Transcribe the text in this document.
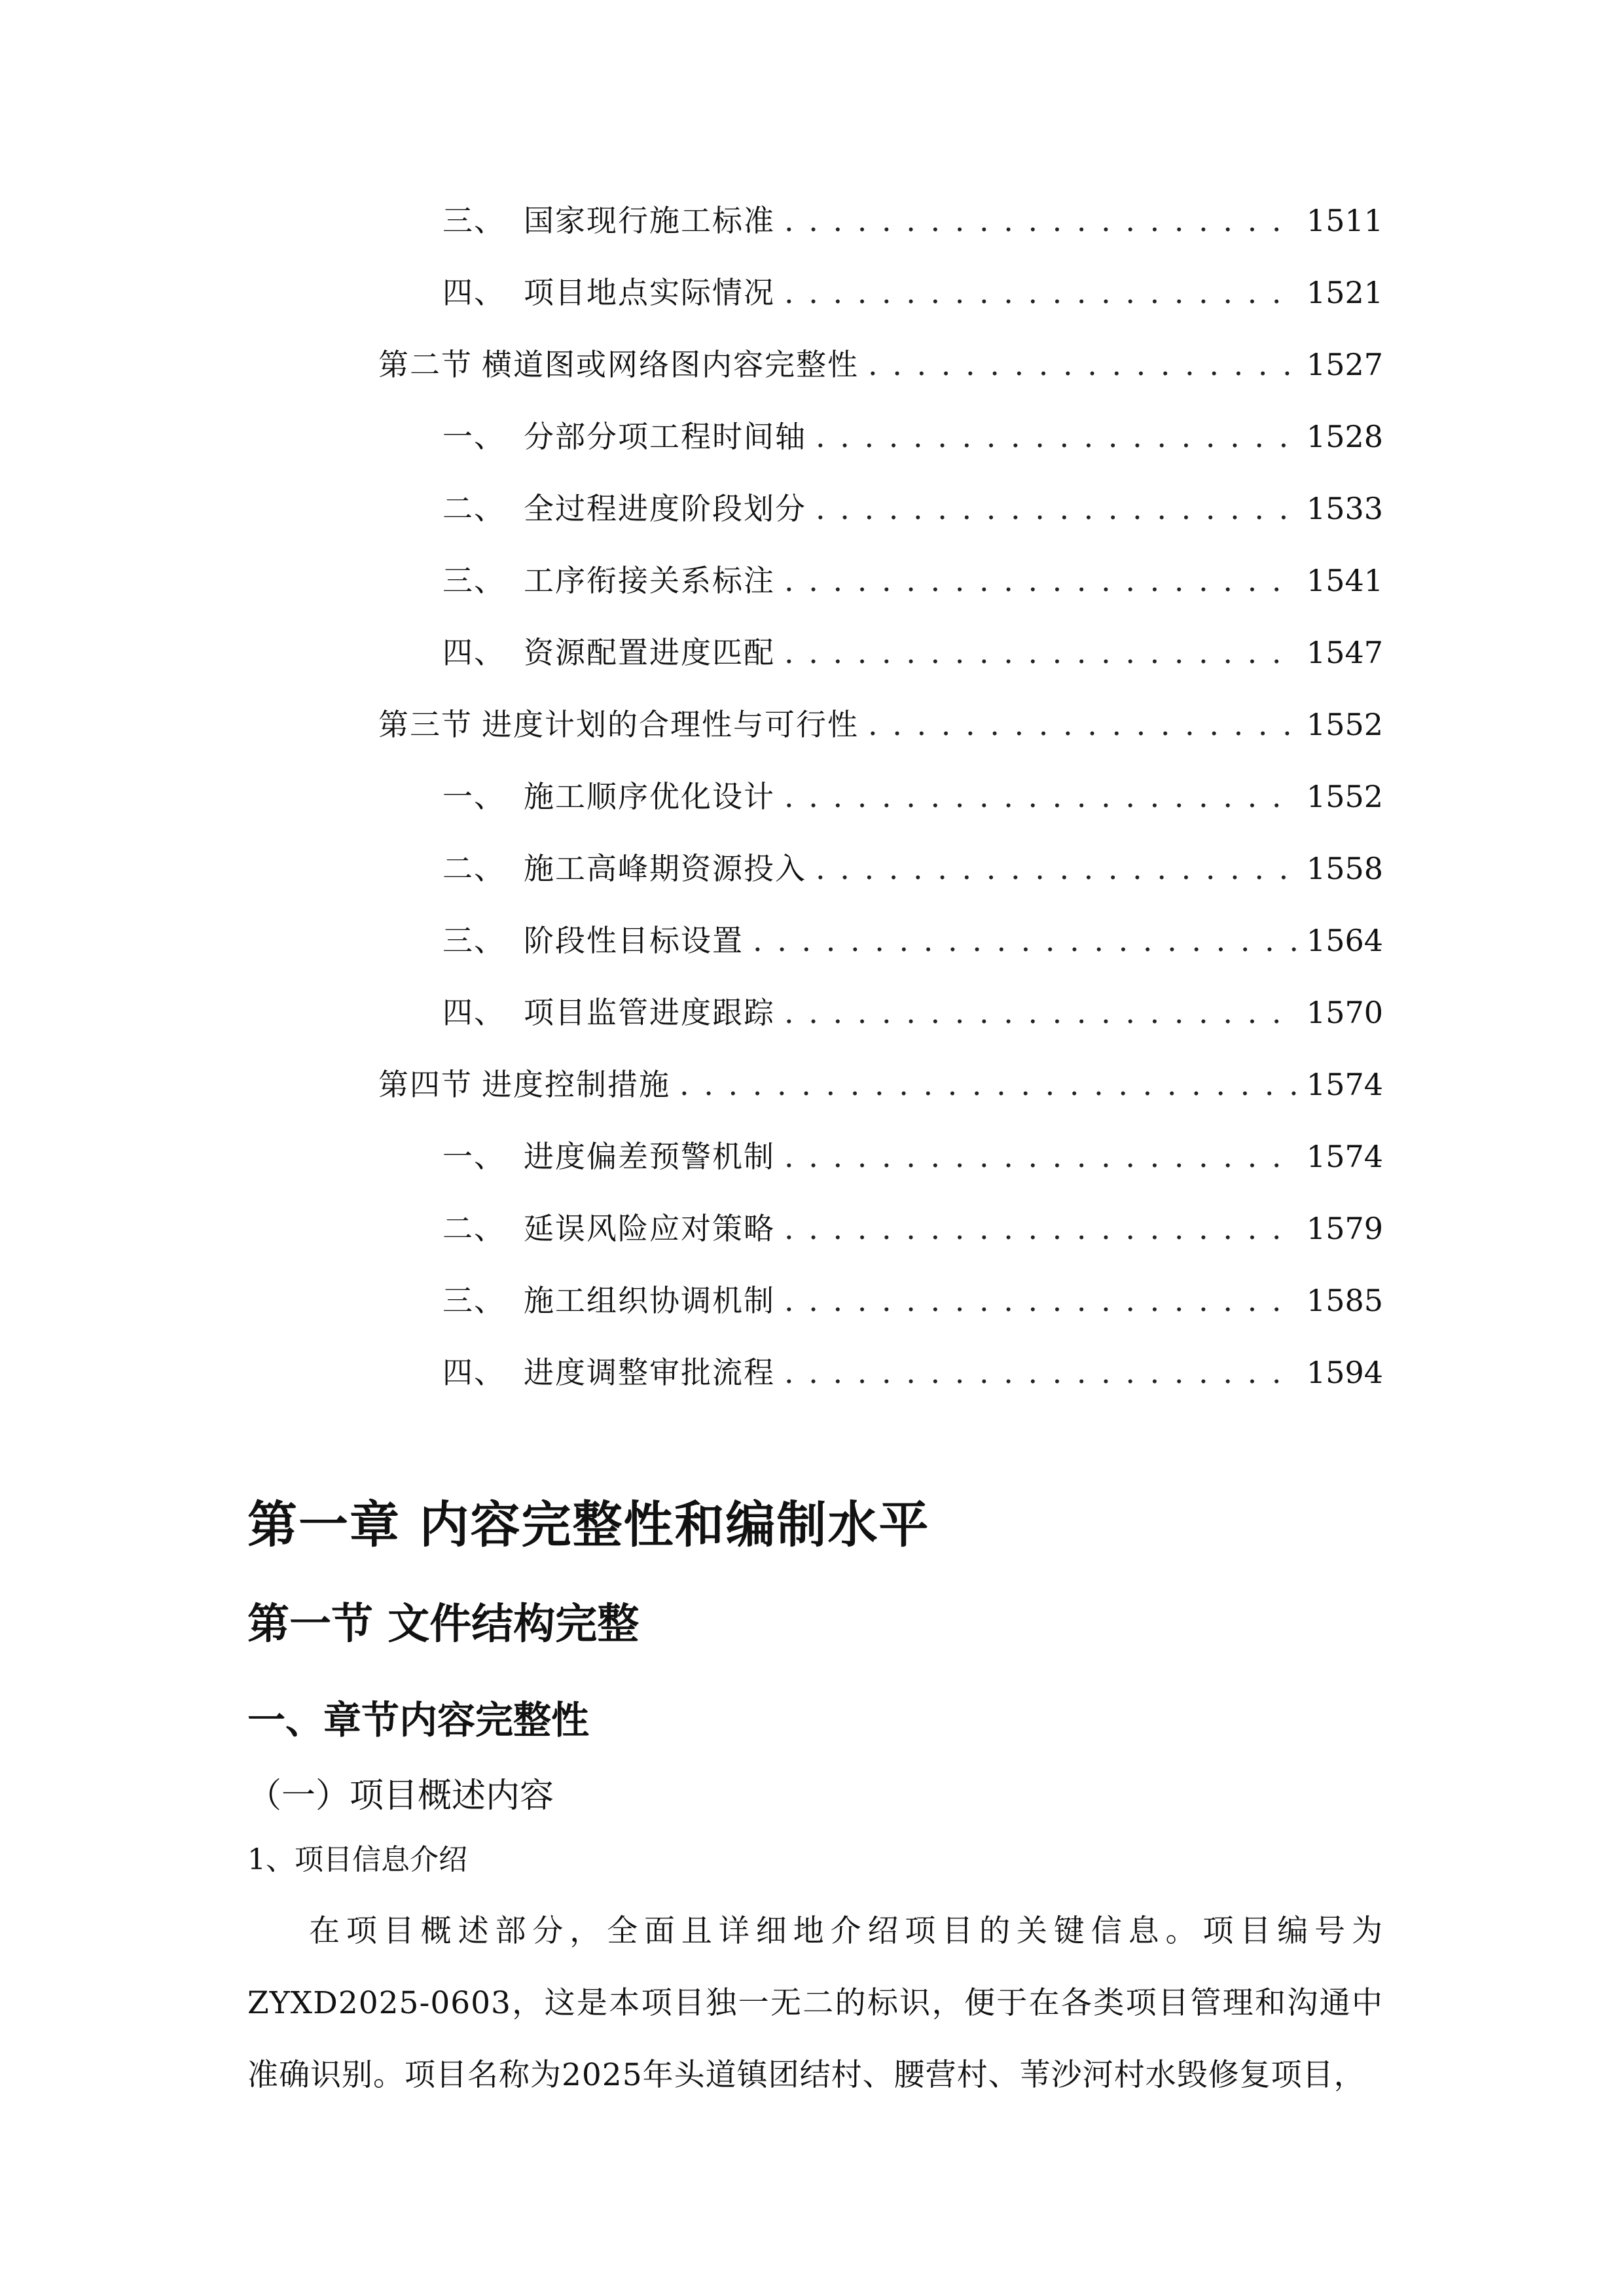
三、 国家现行施工标准 . . .	1511
四、 项目地点实际情况 . . .	1521
第二节 横道图或网络图内容完整性 . . .	1527
一、 分部分项工程时间轴 . . .	1528
二、 全过程进度阶段划分 . . .	1533
三、 工序衔接关系标注 . . .	1541
四、 资源配置进度匹配 . . .	1547
第三节 进度计划的合理性与可行性 . . .	1552
一、 施工顺序优化设计 . . .	1552
二、 施工高峰期资源投入 . . .	1558
三、 阶段性目标设置 . . .	1564
四、 项目监管进度跟踪 . . .	1570
第四节 进度控制措施 . . .	1574
一、 进度偏差预警机制 . . .	1574
二、 延误风险应对策略 . . .	1579
三、 施工组织协调机制 . . .	1585
四、 进度调整审批流程 . . .	1594
第一章 内容完整性和编制水平
第一节 文件结构完整
一、章节内容完整性
（一）项目概述内容
1、项目信息介绍

在项目概述部分，全面且详细地介绍项目的关键信息。项目编号为ZYXD2025-0603，这是本项目独一无二的标识，便于在各类项目管理和沟通中准确识别。项目名称为2025年头道镇团结村、腰营村、苇沙河村水毁修复项目，
